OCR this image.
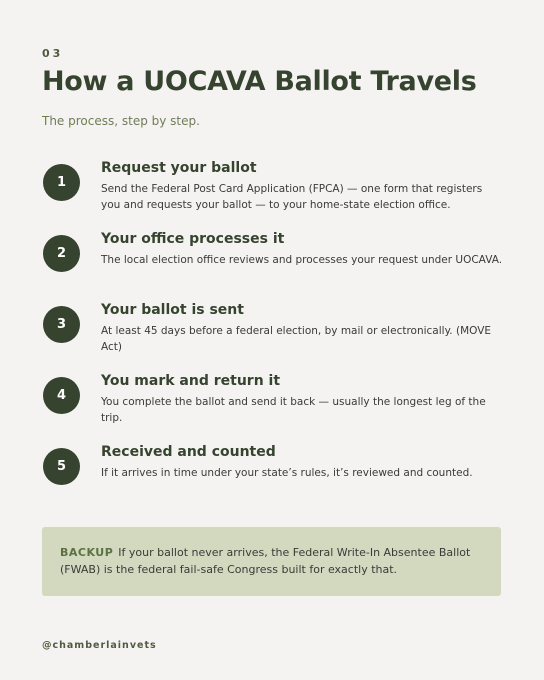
03
How a UOCAVA Ballot Travels
The process, step by step.
1
Request your ballot
Send the Federal Post Card Application (FPCA) — one form that registers you and requests your ballot — to your home-state election office.
2
Your office processes it
The local election office reviews and processes your request under UOCAVA.
3
Your ballot is sent
At least 45 days before a federal election, by mail or electronically. (MOVE Act)
4
You mark and return it
You complete the ballot and send it back — usually the longest leg of the trip.
5
Received and counted
If it arrives in time under your state’s rules, it’s reviewed and counted.
BACKUP If your ballot never arrives, the Federal Write-In Absentee Ballot (FWAB) is the federal fail-safe Congress built for exactly that.
@chamberlainvets
